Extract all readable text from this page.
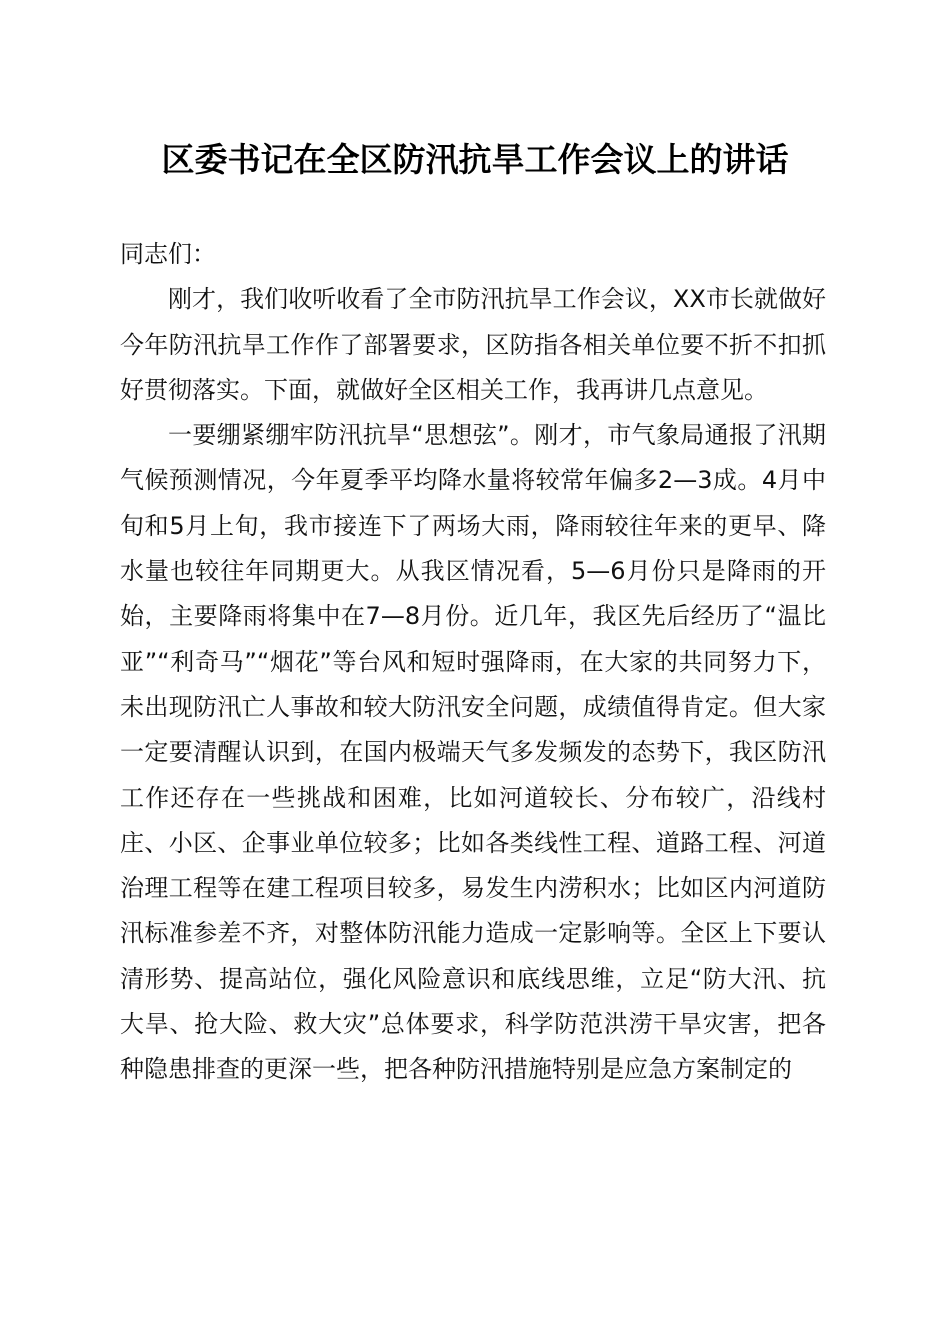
区委书记在全区防汛抗旱工作会议上的讲话

同志们：

刚才，我们收听收看了全市防汛抗旱工作会议，XX市长就做好今年防汛抗旱工作作了部署要求，区防指各相关单位要不折不扣抓好贯彻落实。下面，就做好全区相关工作，我再讲几点意见。

一要绷紧绷牢防汛抗旱“思想弦”。刚才，市气象局通报了汛期气候预测情况，今年夏季平均降水量将较常年偏多2—3成。4月中旬和5月上旬，我市接连下了两场大雨，降雨较往年来的更早、降水量也较往年同期更大。从我区情况看，5—6月份只是降雨的开始，主要降雨将集中在7—8月份。近几年，我区先后经历了“温比亚”“利奇马”“烟花”等台风和短时强降雨，在大家的共同努力下，未出现防汛亡人事故和较大防汛安全问题，成绩值得肯定。但大家一定要清醒认识到，在国内极端天气多发频发的态势下，我区防汛工作还存在一些挑战和困难，比如河道较长、分布较广，沿线村庄、小区、企事业单位较多；比如各类线性工程、道路工程、河道治理工程等在建工程项目较多，易发生内涝积水；比如区内河道防汛标准参差不齐，对整体防汛能力造成一定影响等。全区上下要认清形势、提高站位，强化风险意识和底线思维，立足“防大汛、抗大旱、抢大险、救大灾”总体要求，科学防范洪涝干旱灾害，把各种隐患排查的更深一些，把各种防汛措施特别是应急方案制定的
